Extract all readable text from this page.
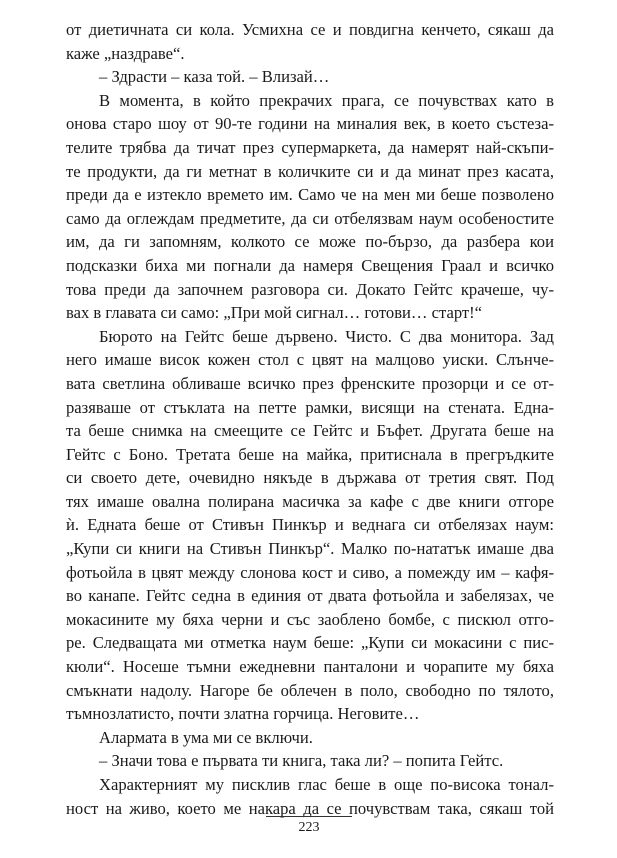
от диетичната си кола. Усмихна се и повдигна кенчето, сякаш да
каже „наздраве“.
– Здрасти – каза той. – Влизай…
В момента, в който прекрачих прага, се почувствах като в
онова старо шоу от 90-те години на миналия век, в което състеза-
телите трябва да тичат през супермаркета, да намерят най-скъпи-
те продукти, да ги метнат в количките си и да минат през касата,
преди да е изтекло времето им. Само че на мен ми беше позволено
само да оглеждам предметите, да си отбелязвам наум особеностите
им, да ги запомням, колкото се може по-бързо, да разбера кои
подсказки биха ми погнали да намеря Свещения Граал и всичко
това преди да започнем разговора си. Докато Гейтс крачеше, чу-
вах в главата си само: „При мой сигнал… готови… старт!“
Бюрото на Гейтс беше дървено. Чисто. С два монитора. Зад
него имаше висок кожен стол с цвят на малцово уиски. Слънче-
вата светлина обливаше всичко през френските прозорци и се от-
разяваше от стъклата на петте рамки, висящи на стената. Една-
та беше снимка на смеещите се Гейтс и Бъфет. Другата беше на
Гейтс с Боно. Третата беше на майка, притиснала в прегръдките
си своето дете, очевидно някъде в държава от третия свят. Под
тях имаше овална полирана масичка за кафе с две книги отгоре
ѝ. Едната беше от Стивън Пинкър и веднага си отбелязах наум:
„Купи си книги на Стивън Пинкър“. Малко по-нататък имаше два
фотьойла в цвят между слонова кост и сиво, а помежду им – кафя-
во канапе. Гейтс седна в единия от двата фотьойла и забелязах, че
мокасините му бяха черни и със заоблено бомбе, с пискюл отго-
ре. Следващата ми отметка наум беше: „Купи си мокасини с пис-
кюли“. Носеше тъмни ежедневни панталони и чорапите му бяха
смъкнати надолу. Нагоре бе облечен в поло, свободно по тялото,
тъмнозлатисто, почти златна горчица. Неговите…
Алармата в ума ми се включи.
– Значи това е първата ти книга, така ли? – попита Гейтс.
Характерният му писклив глас беше в още по-висока тонал-
ност на живо, което ме накара да се почувствам така, сякаш той
223
